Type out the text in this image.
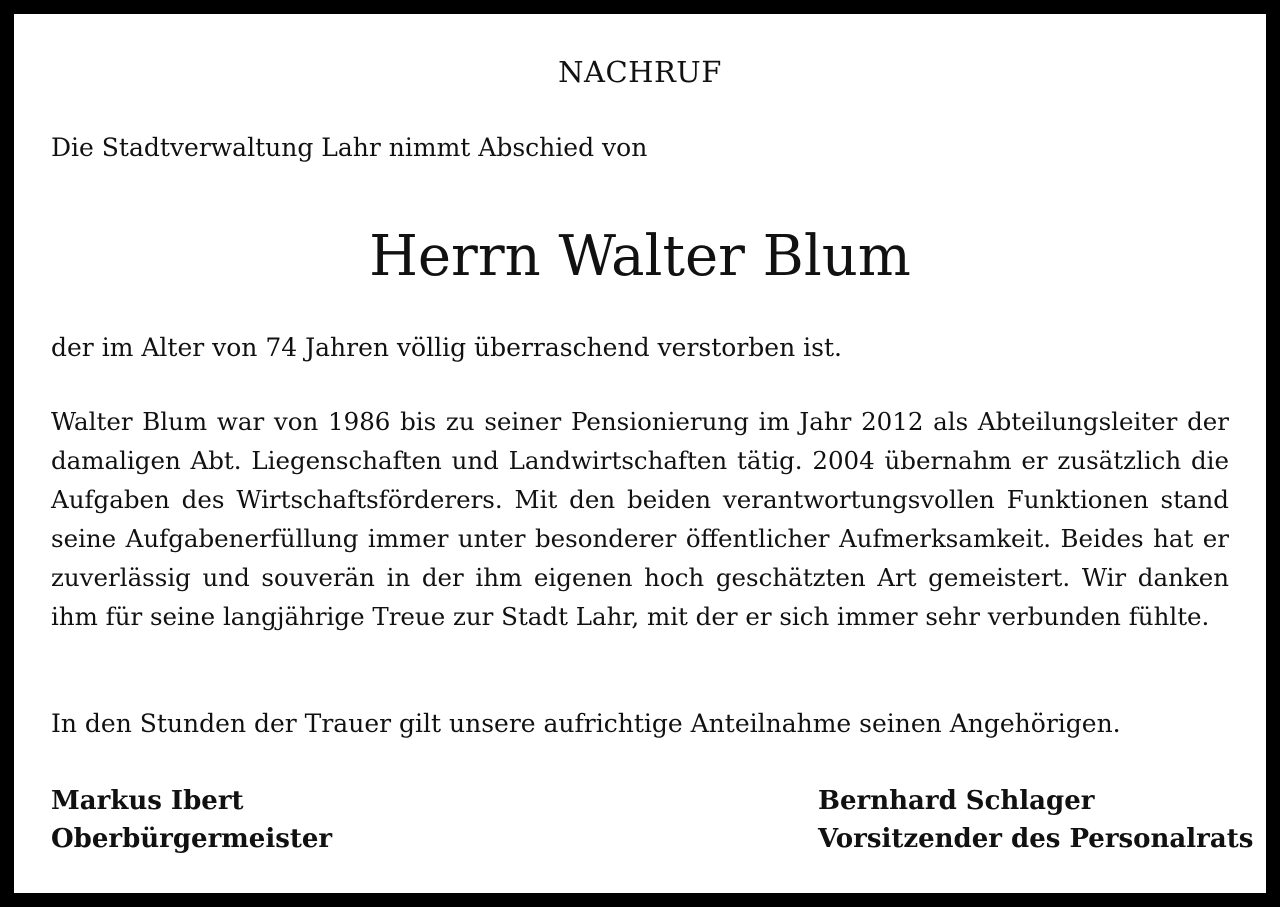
NACHRUF
Die Stadtverwaltung Lahr nimmt Abschied von
Herrn Walter Blum
der im Alter von 74 Jahren völlig überraschend verstorben ist.

Walter Blum war von 1986 bis zu seiner Pensionierung im Jahr 2012 als Abteilungsleiter der damaligen Abt. Liegenschaften und Landwirtschaften tätig. 2004 übernahm er zusätzlich die Aufgaben des Wirtschaftsförderers. Mit den beiden verantwortungsvollen Funktionen stand seine Aufgabenerfüllung immer unter besonderer öffentlicher Aufmerksamkeit. Beides hat er zuverlässig und souverän in der ihm eigenen hoch geschätzten Art gemeistert. Wir danken ihm für seine langjährige Treue zur Stadt Lahr, mit der er sich immer sehr verbunden fühlte.

In den Stunden der Trauer gilt unsere aufrichtige Anteilnahme seinen Angehörigen.
Markus Ibert
Oberbürgermeister
Bernhard Schlager
Vorsitzender des Personalrats
